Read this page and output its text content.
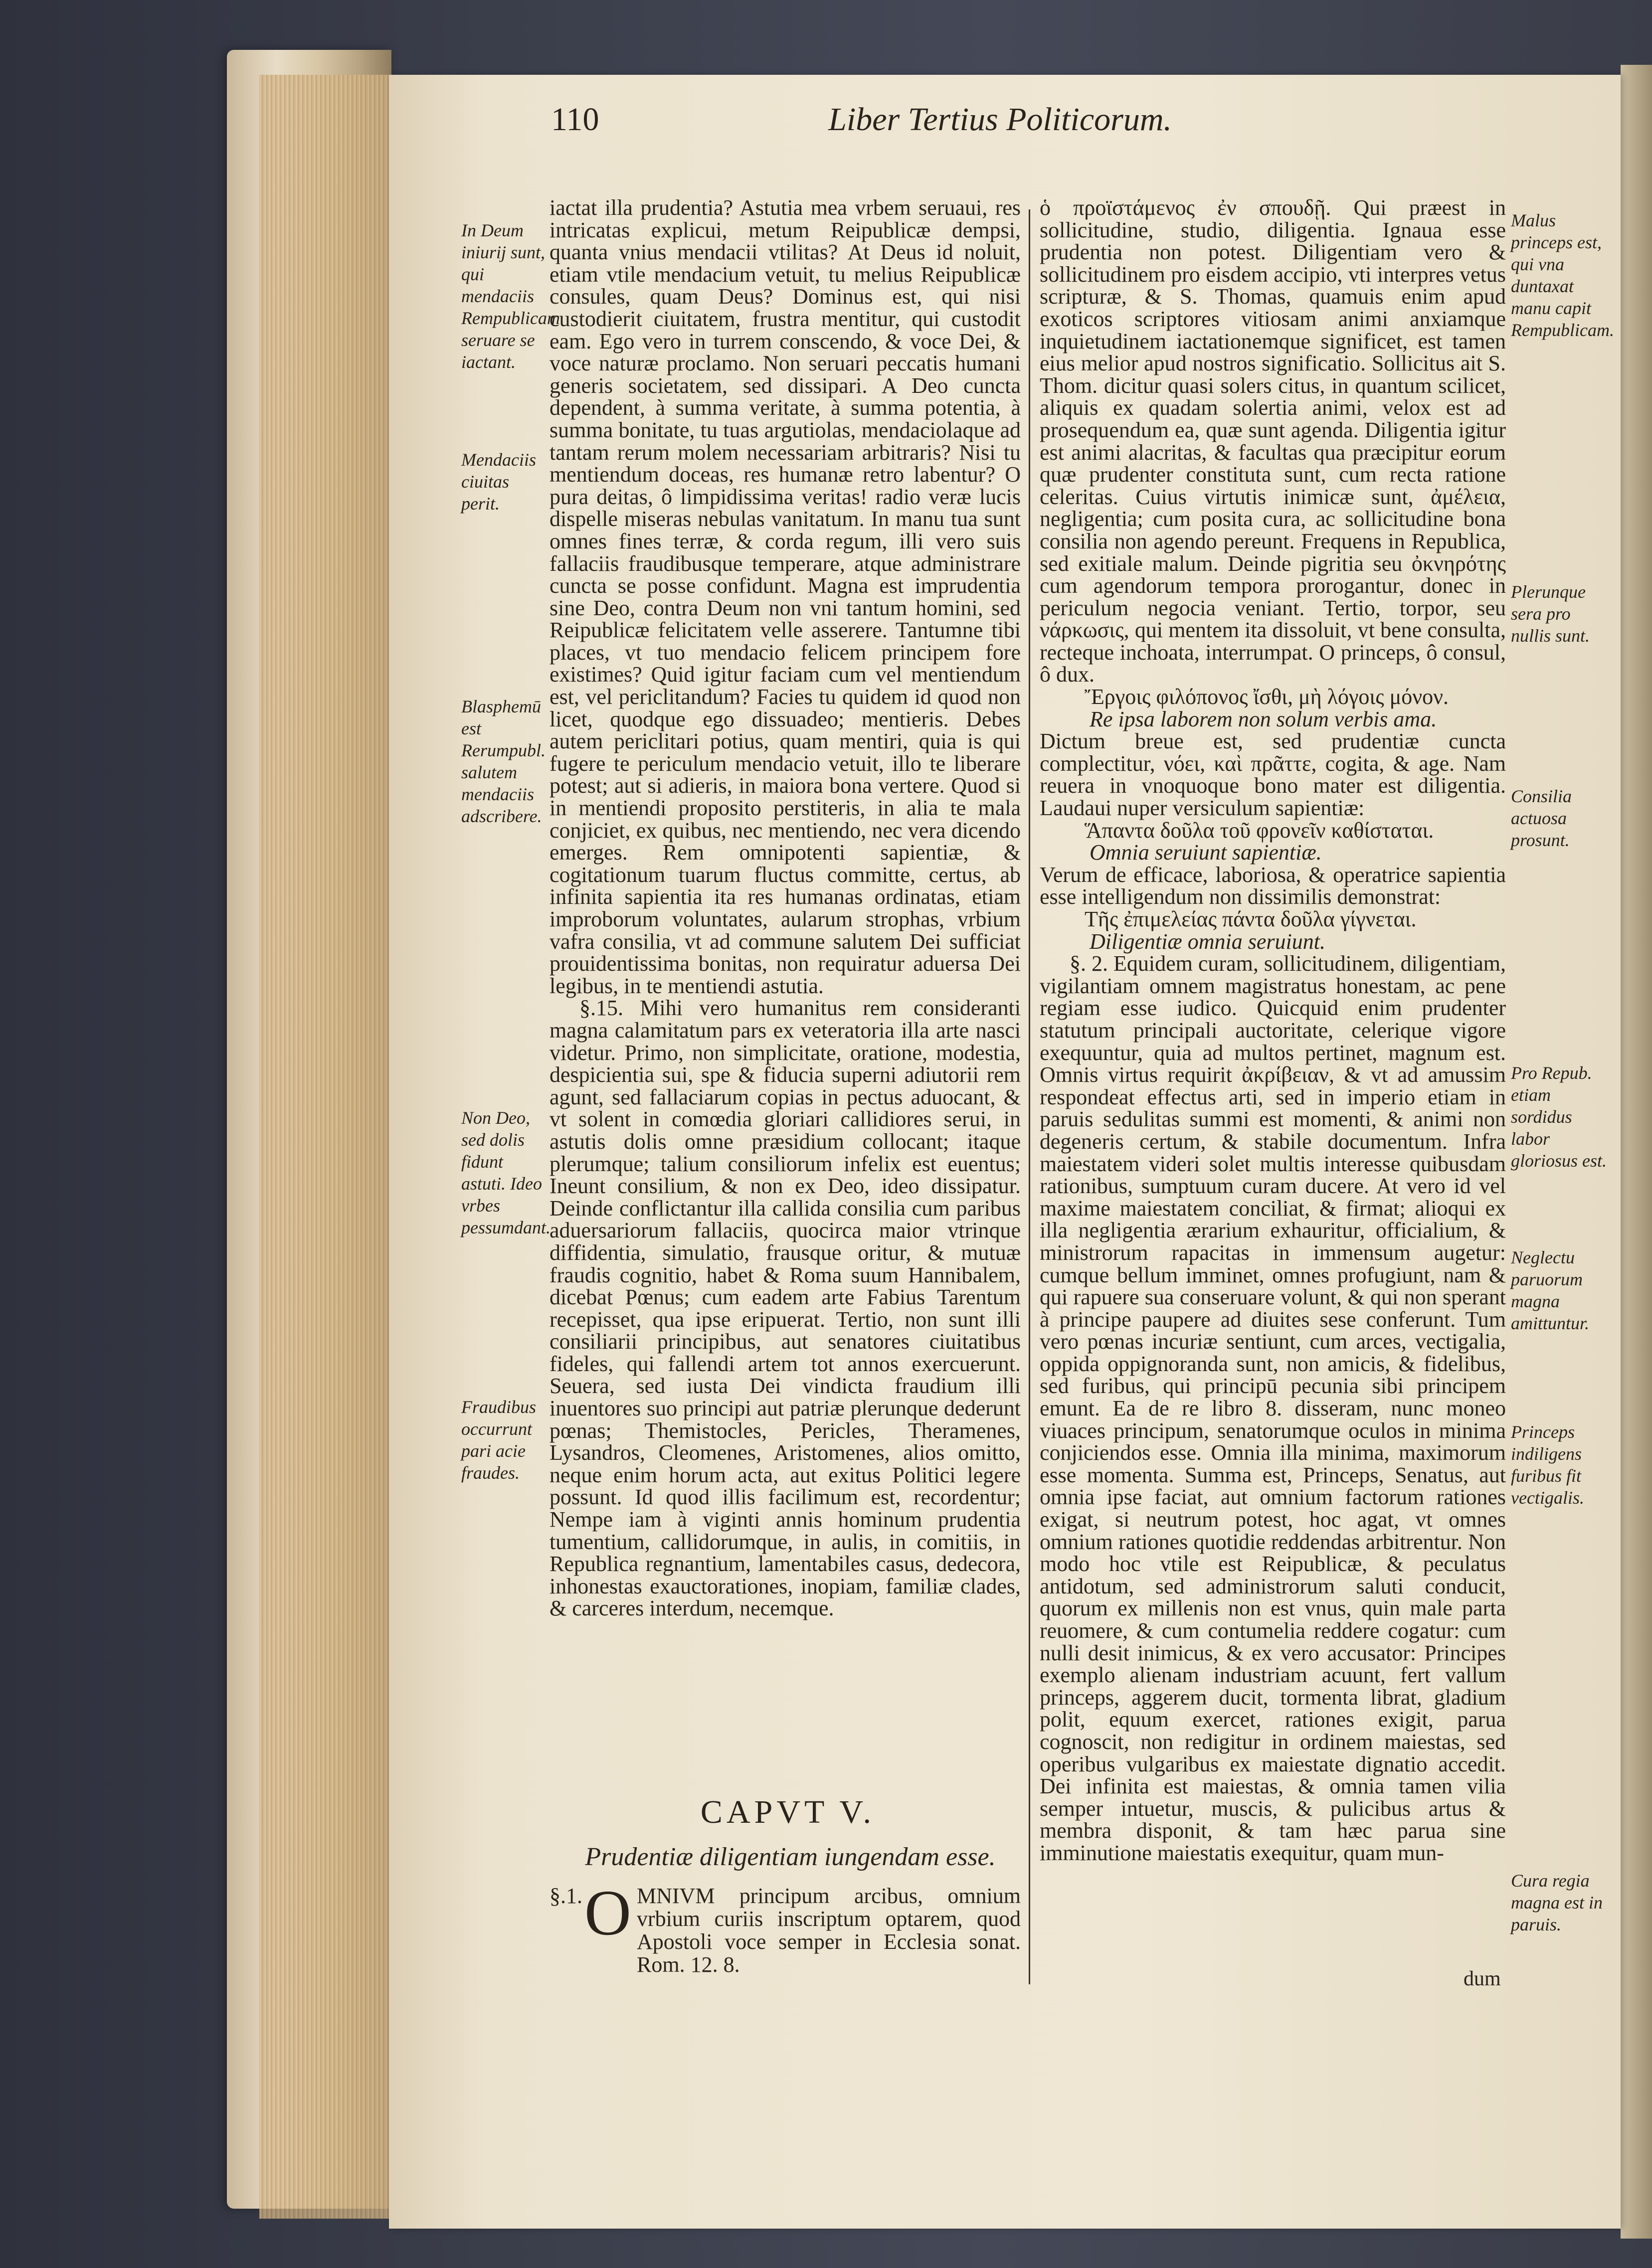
110	Liber Tertius Politicorum.

iactat illa prudentia? Astutia mea vrbem seruaui, res intricatas explicui, metum Reipublicæ dempsi, quanta vnius mendacii vtilitas? At Deus id noluit, etiam vtile mendacium vetuit, tu melius Reipublicæ consules, quam Deus? Dominus est, qui nisi custodierit ciuitatem, frustra mentitur, qui custodit eam. Ego vero in turrem conscendo, & voce Dei, & voce naturæ proclamo. Non seruari peccatis humani generis societatem, sed dissipari. A Deo cuncta dependent, à summa veritate, à summa potentia, à summa bonitate, tu tuas argutiolas, mendaciolaque ad tantam rerum molem necessariam arbitraris? Nisi tu mentiendum doceas, res humanæ retro labentur? O pura deitas, ô limpidissima veritas! radio veræ lucis dispelle miseras nebulas vanitatum. In manu tua sunt omnes fines terræ, & corda regum, illi vero suis fallaciis fraudibusque temperare, atque administrare cuncta se posse confidunt. Magna est imprudentia sine Deo, contra Deum non vni tantum homini, sed Reipublicæ felicitatem velle asserere. Tantumne tibi places, vt tuo mendacio felicem principem fore existimes? Quid igitur faciam cum vel mentiendum est, vel periclitandum? Facies tu quidem id quod non licet, quodque ego dissuadeo; mentieris. Debes autem periclitari potius, quam mentiri, quia is qui fugere te periculum mendacio vetuit, illo te liberare potest; aut si adieris, in maiora bona vertere. Quod si in mentiendi proposito perstiteris, in alia te mala conjiciet, ex quibus, nec mentiendo, nec vera dicendo emerges. Rem omnipotenti sapientiæ, & cogitationum tuarum fluctus committe, certus, ab infinita sapientia ita res humanas ordinatas, etiam improborum voluntates, aularum strophas, vrbium vafra consilia, vt ad commune salutem Dei sufficiat prouidentissima bonitas, non requiratur aduersa Dei legibus, in te mentiendi astutia.

§.15. Mihi vero humanitus rem consideranti magna calamitatum pars ex veteratoria illa arte nasci videtur. Primo, non simplicitate, oratione, modestia, despicientia sui, spe & fiducia superni adiutorii rem agunt, sed fallaciarum copias in pectus aduocant, & vt solent in comœdia gloriari callidiores serui, in astutis dolis omne præsidium collocant; itaque plerumque; talium consiliorum infelix est euentus; Ineunt consilium, & non ex Deo, ideo dissipatur. Deinde conflictantur illa callida consilia cum paribus aduersariorum fallaciis, quocirca maior vtrinque diffidentia, simulatio, frausque oritur, & mutuæ fraudis cognitio, habet & Roma suum Hannibalem, dicebat Pœnus; cum eadem arte Fabius Tarentum recepisset, qua ipse eripuerat. Tertio, non sunt illi consiliarii principibus, aut senatores ciuitatibus fideles, qui fallendi artem tot annos exercuerunt. Seuera, sed iusta Dei vindicta fraudium illi inuentores suo principi aut patriæ plerunque dederunt pœnas; Themistocles, Pericles, Theramenes, Lysandros, Cleomenes, Aristomenes, alios omitto, neque enim horum acta, aut exitus Politici legere possunt. Id quod illis facilimum est, recordentur; Nempe iam à viginti annis hominum prudentia tumentium, callidorumque, in aulis, in comitiis, in Republica regnantium, lamentabiles casus, dedecora, inhonestas exauctorationes, inopiam, familiæ clades, & carceres interdum, necemque.

In Deum iniurij sunt, qui mendaciis Rempublicam seruare se iactant.
Mendaciis ciuitas perit.
Blasphemū est Rerumpubl. salutem mendaciis adscribere.
Non Deo, sed dolis fidunt astuti. Ideo vrbes pessumdant.
Fraudibus occurrunt pari acie fraudes.
CAPVT V.
Prudentiæ diligentiam iungendam esse.
§.1. O MNIVM principum arcibus, omnium vrbium curiis inscriptum optarem, quod Apostoli voce semper in Ecclesia sonat. Rom. 12. 8.

ὁ προϊστάμενος ἐν σπουδῇ. Qui præest in sollicitudine, studio, diligentia. Ignaua esse prudentia non potest. Diligentiam vero & sollicitudinem pro eisdem accipio, vti interpres vetus scripturæ, & S. Thomas, quamuis enim apud exoticos scriptores vitiosam animi anxiamque inquietudinem iactationemque significet, est tamen eius melior apud nostros significatio. Sollicitus ait S. Thom. dicitur quasi solers citus, in quantum scilicet, aliquis ex quadam solertia animi, velox est ad prosequendum ea, quæ sunt agenda. Diligentia igitur est animi alacritas, & facultas qua præcipitur eorum quæ prudenter constituta sunt, cum recta ratione celeritas. Cuius virtutis inimicæ sunt, ἀμέλεια, negligentia; cum posita cura, ac sollicitudine bona consilia non agendo pereunt. Frequens in Republica, sed exitiale malum. Deinde pigritia seu ὀκνηρότης cum agendorum tempora prorogantur, donec in periculum negocia veniant. Tertio, torpor, seu νάρκωσις, qui mentem ita dissoluit, vt bene consulta, recteque inchoata, interrumpat. O princeps, ô consul, ô dux.

Ἔργοις φιλόπονος ἴσθι, μὴ λόγοις μόνον.

Re ipsa laborem non solum verbis ama.

Dictum breue est, sed prudentiæ cuncta complectitur, νόει, καὶ πρᾶττε, cogita, & age. Nam reuera in vnoquoque bono mater est diligentia. Laudaui nuper versiculum sapientiæ:

Ἅπαντα δοῦλα τοῦ φρονεῖν καθίσταται.

Omnia seruiunt sapientiæ.

Verum de efficace, laboriosa, & operatrice sapientia esse intelligendum non dissimilis demonstrat:

Τῆς ἐπιμελείας πάντα δοῦλα γίγνεται.

Diligentiæ omnia seruiunt.

§. 2. Equidem curam, sollicitudinem, diligentiam, vigilantiam omnem magistratus honestam, ac pene regiam esse iudico. Quicquid enim prudenter statutum principali auctoritate, celerique vigore exequuntur, quia ad multos pertinet, magnum est. Omnis virtus requirit ἀκρίβειαν, & vt ad amussim respondeat effectus arti, sed in imperio etiam in paruis sedulitas summi est momenti, & animi non degeneris certum, & stabile documentum. Infra maiestatem videri solet multis interesse quibusdam rationibus, sumptuum curam ducere. At vero id vel maxime maiestatem conciliat, & firmat; alioqui ex illa negligentia ærarium exhauritur, officialium, & ministrorum rapacitas in immensum augetur: cumque bellum imminet, omnes profugiunt, nam & qui rapuere sua conseruare volunt, & qui non sperant à principe paupere ad diuites sese conferunt. Tum vero pœnas incuriæ sentiunt, cum arces, vectigalia, oppida oppignoranda sunt, non amicis, & fidelibus, sed furibus, qui principū pecunia sibi principem emunt. Ea de re libro 8. disseram, nunc moneo viuaces principum, senatorumque oculos in minima conjiciendos esse. Omnia illa minima, maximorum esse momenta. Summa est, Princeps, Senatus, aut omnia ipse faciat, aut omnium factorum rationes exigat, si neutrum potest, hoc agat, vt omnes omnium rationes quotidie reddendas arbitrentur. Non modo hoc vtile est Reipublicæ, & peculatus antidotum, sed administrorum saluti conducit, quorum ex millenis non est vnus, quin male parta reuomere, & cum contumelia reddere cogatur: cum nulli desit inimicus, & ex vero accusator: Principes exemplo alienam industriam acuunt, fert vallum princeps, aggerem ducit, tormenta librat, gladium polit, equum exercet, rationes exigit, parua cognoscit, non redigitur in ordinem maiestas, sed operibus vulgaribus ex maiestate dignatio accedit. Dei infinita est maiestas, & omnia tamen vilia semper intuetur, muscis, & pulicibus artus & membra disponit, & tam hæc parua sine imminutione maiestatis exequitur, quam mun-

Malus princeps est, qui vna duntaxat manu capit Rempublicam.
Plerunque sera pro nullis sunt.
Consilia actuosa prosunt.
Pro Repub. etiam sordidus labor gloriosus est.
Neglectu paruorum magna amittuntur.
Princeps indiligens furibus fit vectigalis.
Cura regia magna est in paruis.
dum
